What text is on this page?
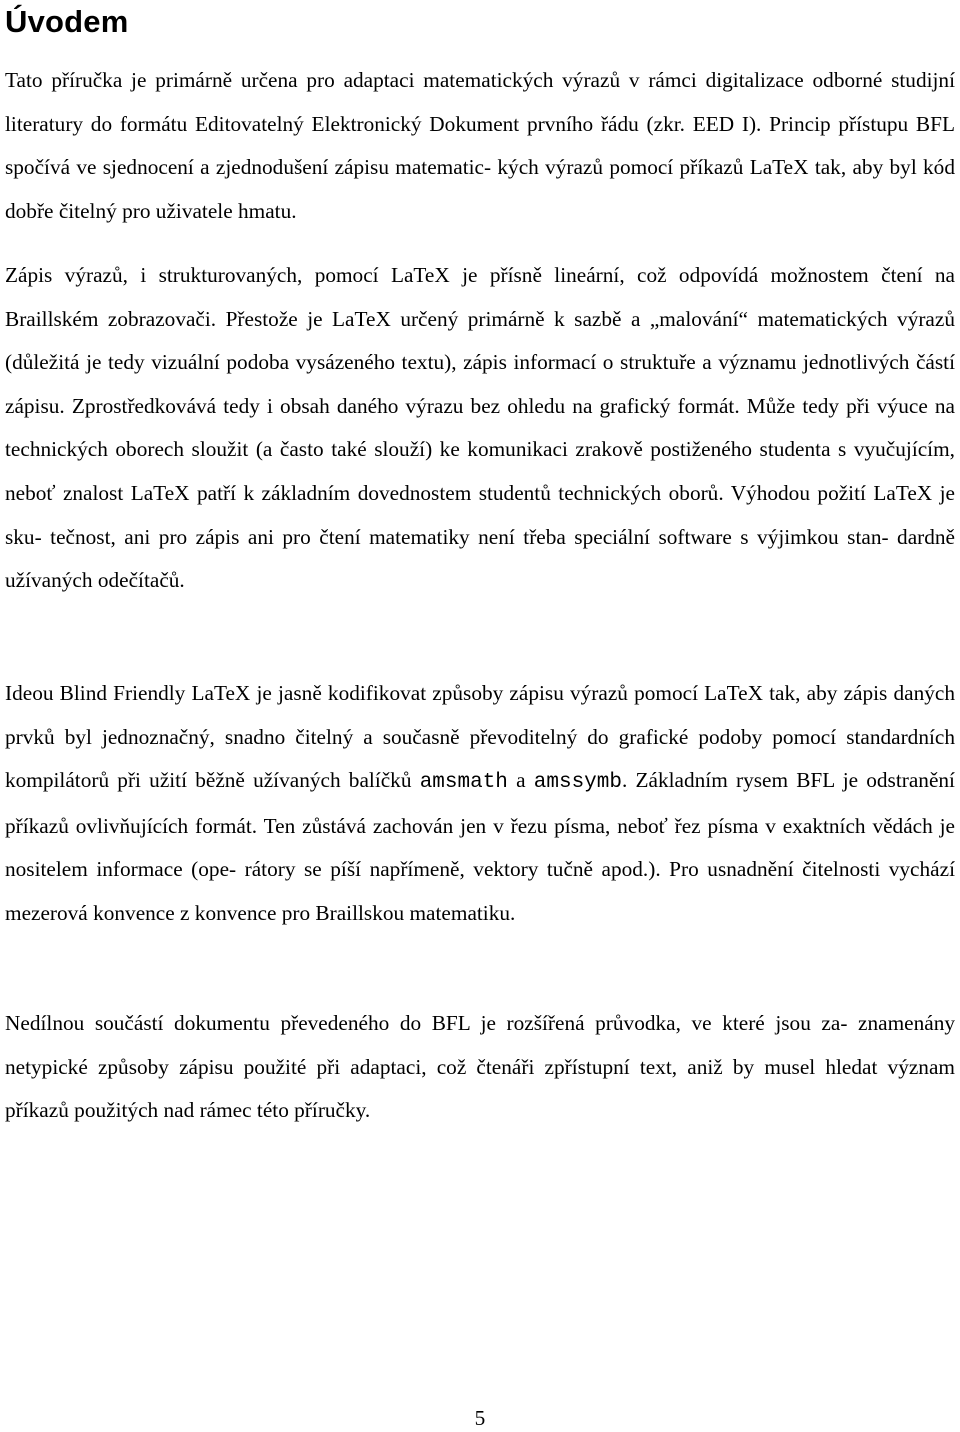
Úvodem

Tato příručka je primárně určena pro adaptaci matematických výrazů v rámci digitalizace odborné studijní literatury do formátu Editovatelný Elektronický Dokument prvního řádu (zkr. EED I). Princip přístupu BFL spočívá ve sjednocení a zjednodušení zápisu matematic- kých výrazů pomocí příkazů LaTeX tak, aby byl kód dobře čitelný pro uživatele hmatu.

Zápis výrazů, i strukturovaných, pomocí LaTeX je přísně lineární, což odpovídá možnostem čtení na Braillském zobrazovači. Přestože je LaTeX určený primárně k sazbě a „malování“ matematických výrazů (důležitá je tedy vizuální podoba vysázeného textu), zápis informací o struktuře a významu jednotlivých částí zápisu. Zprostředkovává tedy i obsah daného výrazu bez ohledu na grafický formát. Může tedy při výuce na technických oborech sloužit (a často také slouží) ke komunikaci zrakově postiženého studenta s vyučujícím, neboť znalost LaTeX patří k základním dovednostem studentů technických oborů. Výhodou požití LaTeX je sku- tečnost, ani pro zápis ani pro čtení matematiky není třeba speciální software s výjimkou stan- dardně užívaných odečítačů.

Ideou Blind Friendly LaTeX je jasně kodifikovat způsoby zápisu výrazů pomocí LaTeX tak, aby zápis daných prvků byl jednoznačný, snadno čitelný a současně převoditelný do grafické podoby pomocí standardních kompilátorů při užití běžně užívaných balíčků amsmath a amssymb. Základním rysem BFL je odstranění příkazů ovlivňujících formát. Ten zůstává zachován jen v řezu písma, neboť řez písma v exaktních vědách je nositelem informace (ope- rátory se píší napřímeně, vektory tučně apod.). Pro usnadnění čitelnosti vychází mezerová konvence z konvence pro Braillskou matematiku.

Nedílnou součástí dokumentu převedeného do BFL je rozšířená průvodka, ve které jsou za- znamenány netypické způsoby zápisu použité při adaptaci, což čtenáři zpřístupní text, aniž by musel hledat význam příkazů použitých nad rámec této příručky.

5
